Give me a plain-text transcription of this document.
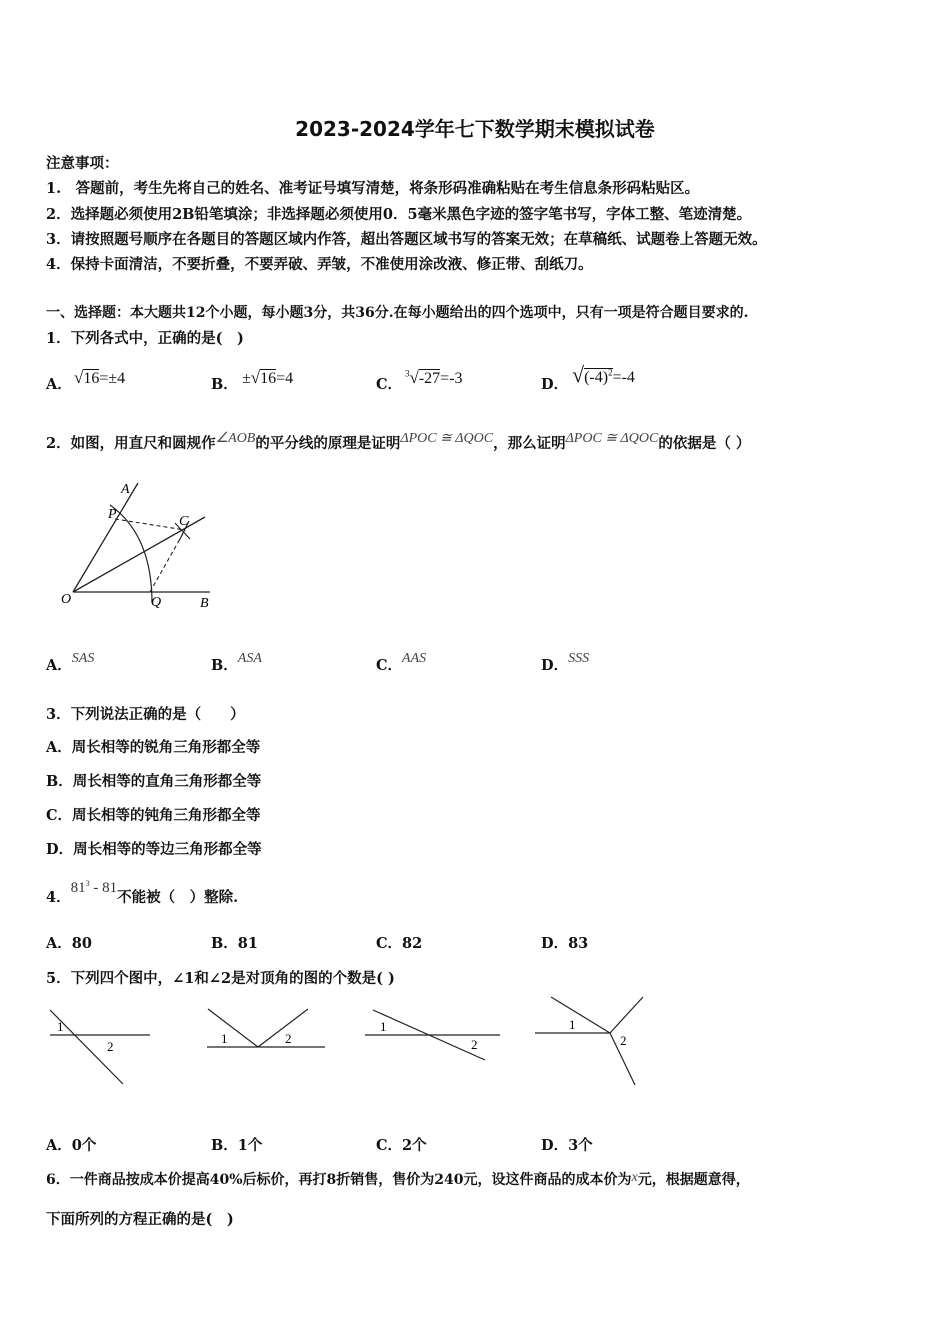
2023-2024学年七下数学期末模拟试卷
注意事项：
1.　答题前，考生先将自己的姓名、准考证号填写清楚，将条形码准确粘贴在考生信息条形码粘贴区。
2．选择题必须使用2B铅笔填涂；非选择题必须使用0．5毫米黑色字迹的签字笔书写，字体工整、笔迹清楚。
3．请按照题号顺序在各题目的答题区域内作答，超出答题区域书写的答案无效；在草稿纸、试题卷上答题无效。
4．保持卡面清洁，不要折叠，不要弄破、弄皱，不准使用涂改液、修正带、刮纸刀。
一、选择题：本大题共12个小题，每小题3分，共36分.在每小题给出的四个选项中，只有一项是符合题目要求的.
1．下列各式中，正确的是(　)
A． √16=±4	B． ±√16=4	C．
$^3$√-27=-3	D． $√(-4)^2=-4$
2．如图，用直尺和圆规作∠AOB的平分线的原理是证明ΔPOC ≅ ΔQOC，那么证明ΔPOC ≅ ΔQOC的依据是（ ）
A
P	C
O	Q	B
A．SAS	B．ASA	C．AAS	D．SSS
3．下列说法正确的是（　　）
A．周长相等的锐角三角形都全等
B．周长相等的直角三角形都全等
C．周长相等的钝角三角形都全等
D．周长相等的等边三角形都全等
4．$81^3 - 81$不能被（　）整除.
A．80	B．81	C．82	D．83
5．下列四个图中，∠1和∠2是对顶角的图的个数是( )
1
2
1	2
1
2
1
2
A．0个	B．1个	C．2个	D．3个
6．一件商品按成本价提高40%后标价，再打8折销售，售价为240元，设这件商品的成本价为x元，根据题意得，
下面所列的方程正确的是(　)
